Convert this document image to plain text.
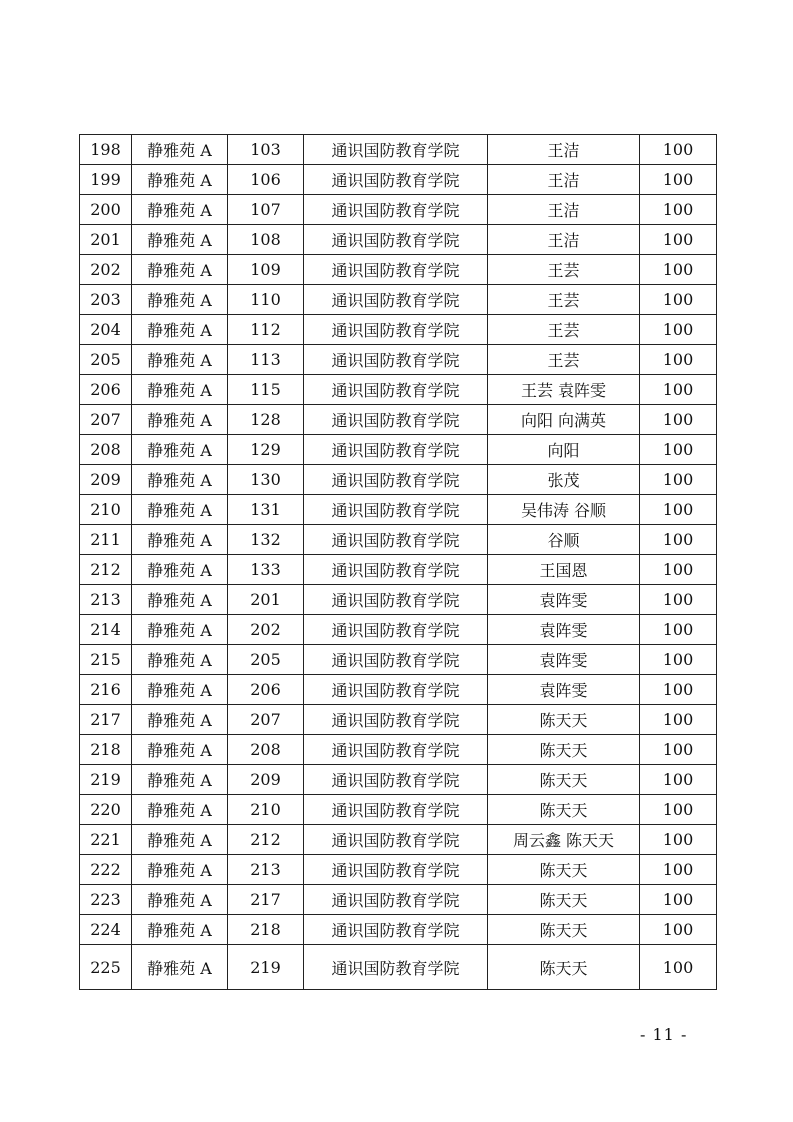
198	静雅苑 A	103	通识国防教育学院	王洁	100
199	静雅苑 A	106	通识国防教育学院	王洁	100
200	静雅苑 A	107	通识国防教育学院	王洁	100
201	静雅苑 A	108	通识国防教育学院	王洁	100
202	静雅苑 A	109	通识国防教育学院	王芸	100
203	静雅苑 A	110	通识国防教育学院	王芸	100
204	静雅苑 A	112	通识国防教育学院	王芸	100
205	静雅苑 A	113	通识国防教育学院	王芸	100
206	静雅苑 A	115	通识国防教育学院	王芸 袁阵雯	100
207	静雅苑 A	128	通识国防教育学院	向阳 向满英	100
208	静雅苑 A	129	通识国防教育学院	向阳	100
209	静雅苑 A	130	通识国防教育学院	张茂	100
210	静雅苑 A	131	通识国防教育学院	吴伟涛 谷顺	100
211	静雅苑 A	132	通识国防教育学院	谷顺	100
212	静雅苑 A	133	通识国防教育学院	王国恩	100
213	静雅苑 A	201	通识国防教育学院	袁阵雯	100
214	静雅苑 A	202	通识国防教育学院	袁阵雯	100
215	静雅苑 A	205	通识国防教育学院	袁阵雯	100
216	静雅苑 A	206	通识国防教育学院	袁阵雯	100
217	静雅苑 A	207	通识国防教育学院	陈天天	100
218	静雅苑 A	208	通识国防教育学院	陈天天	100
219	静雅苑 A	209	通识国防教育学院	陈天天	100
220	静雅苑 A	210	通识国防教育学院	陈天天	100
221	静雅苑 A	212	通识国防教育学院	周云鑫 陈天天	100
222	静雅苑 A	213	通识国防教育学院	陈天天	100
223	静雅苑 A	217	通识国防教育学院	陈天天	100
224	静雅苑 A	218	通识国防教育学院	陈天天	100
225	静雅苑 A	219	通识国防教育学院	陈天天	100
- 11 -
